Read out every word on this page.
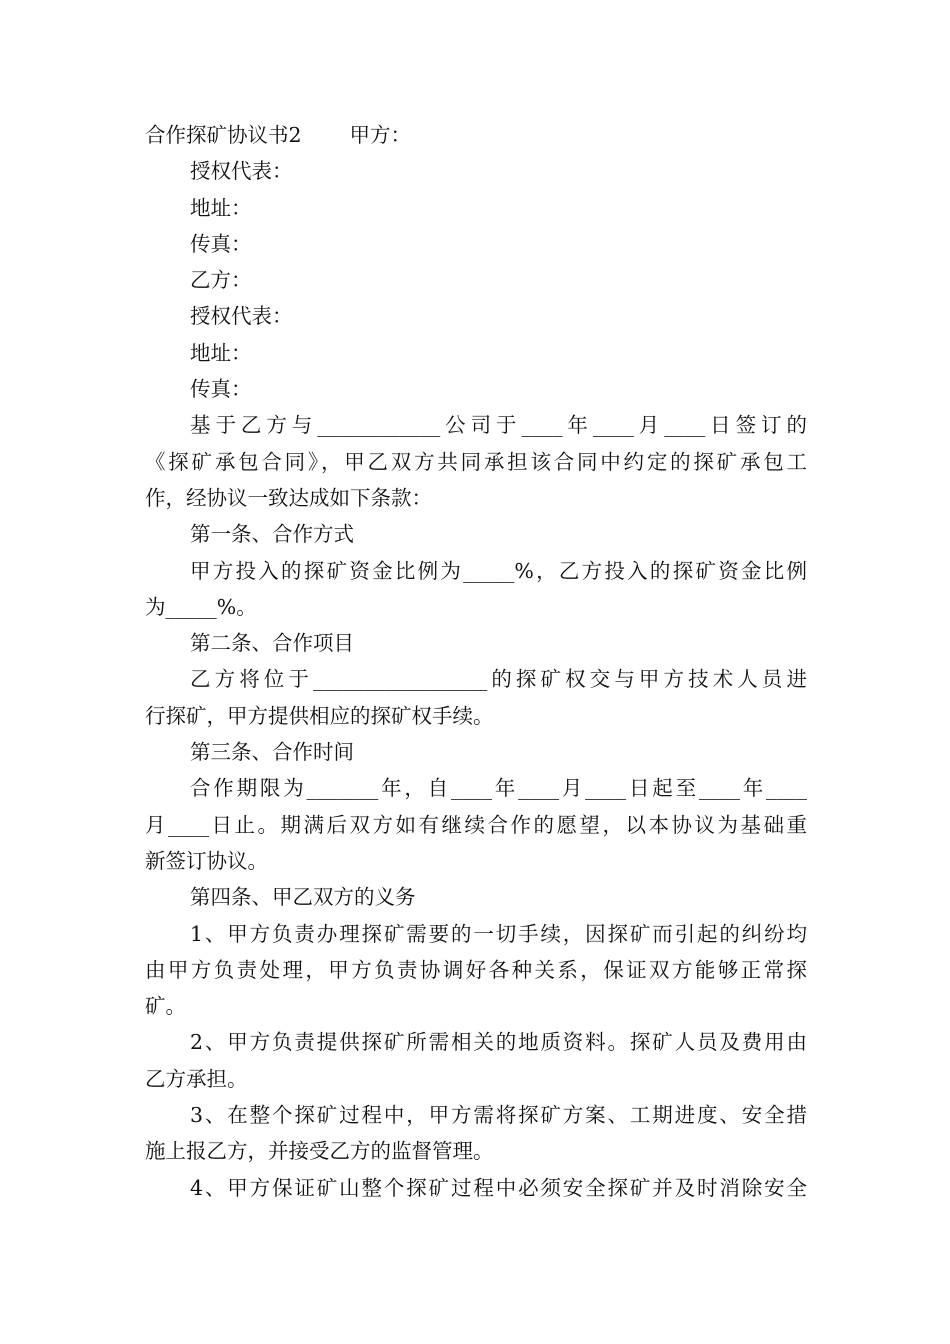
合作探矿协议书2 甲方：
授权代表：
地址：
传真：
乙方：
授权代表：
地址：
传真：
基于乙方与____________公司于____年____月____日签订的
《探矿承包合同》，甲乙双方共同承担该合同中约定的探矿承包工
作，经协议一致达成如下条款：
第一条、合作方式
甲方投入的探矿资金比例为_____%，乙方投入的探矿资金比例
为_____%。
第二条、合作项目
乙方将位于_________________的探矿权交与甲方技术人员进
行探矿，甲方提供相应的探矿权手续。
第三条、合作时间
合作期限为_______年，自____年____月____日起至____年____
月____日止。期满后双方如有继续合作的愿望，以本协议为基础重
新签订协议。
第四条、甲乙双方的义务
1、甲方负责办理探矿需要的一切手续，因探矿而引起的纠纷均
由甲方负责处理，甲方负责协调好各种关系，保证双方能够正常探
矿。
2、甲方负责提供探矿所需相关的地质资料。探矿人员及费用由
乙方承担。
3、在整个探矿过程中，甲方需将探矿方案、工期进度、安全措
施上报乙方，并接受乙方的监督管理。
4、甲方保证矿山整个探矿过程中必须安全探矿并及时消除安全
